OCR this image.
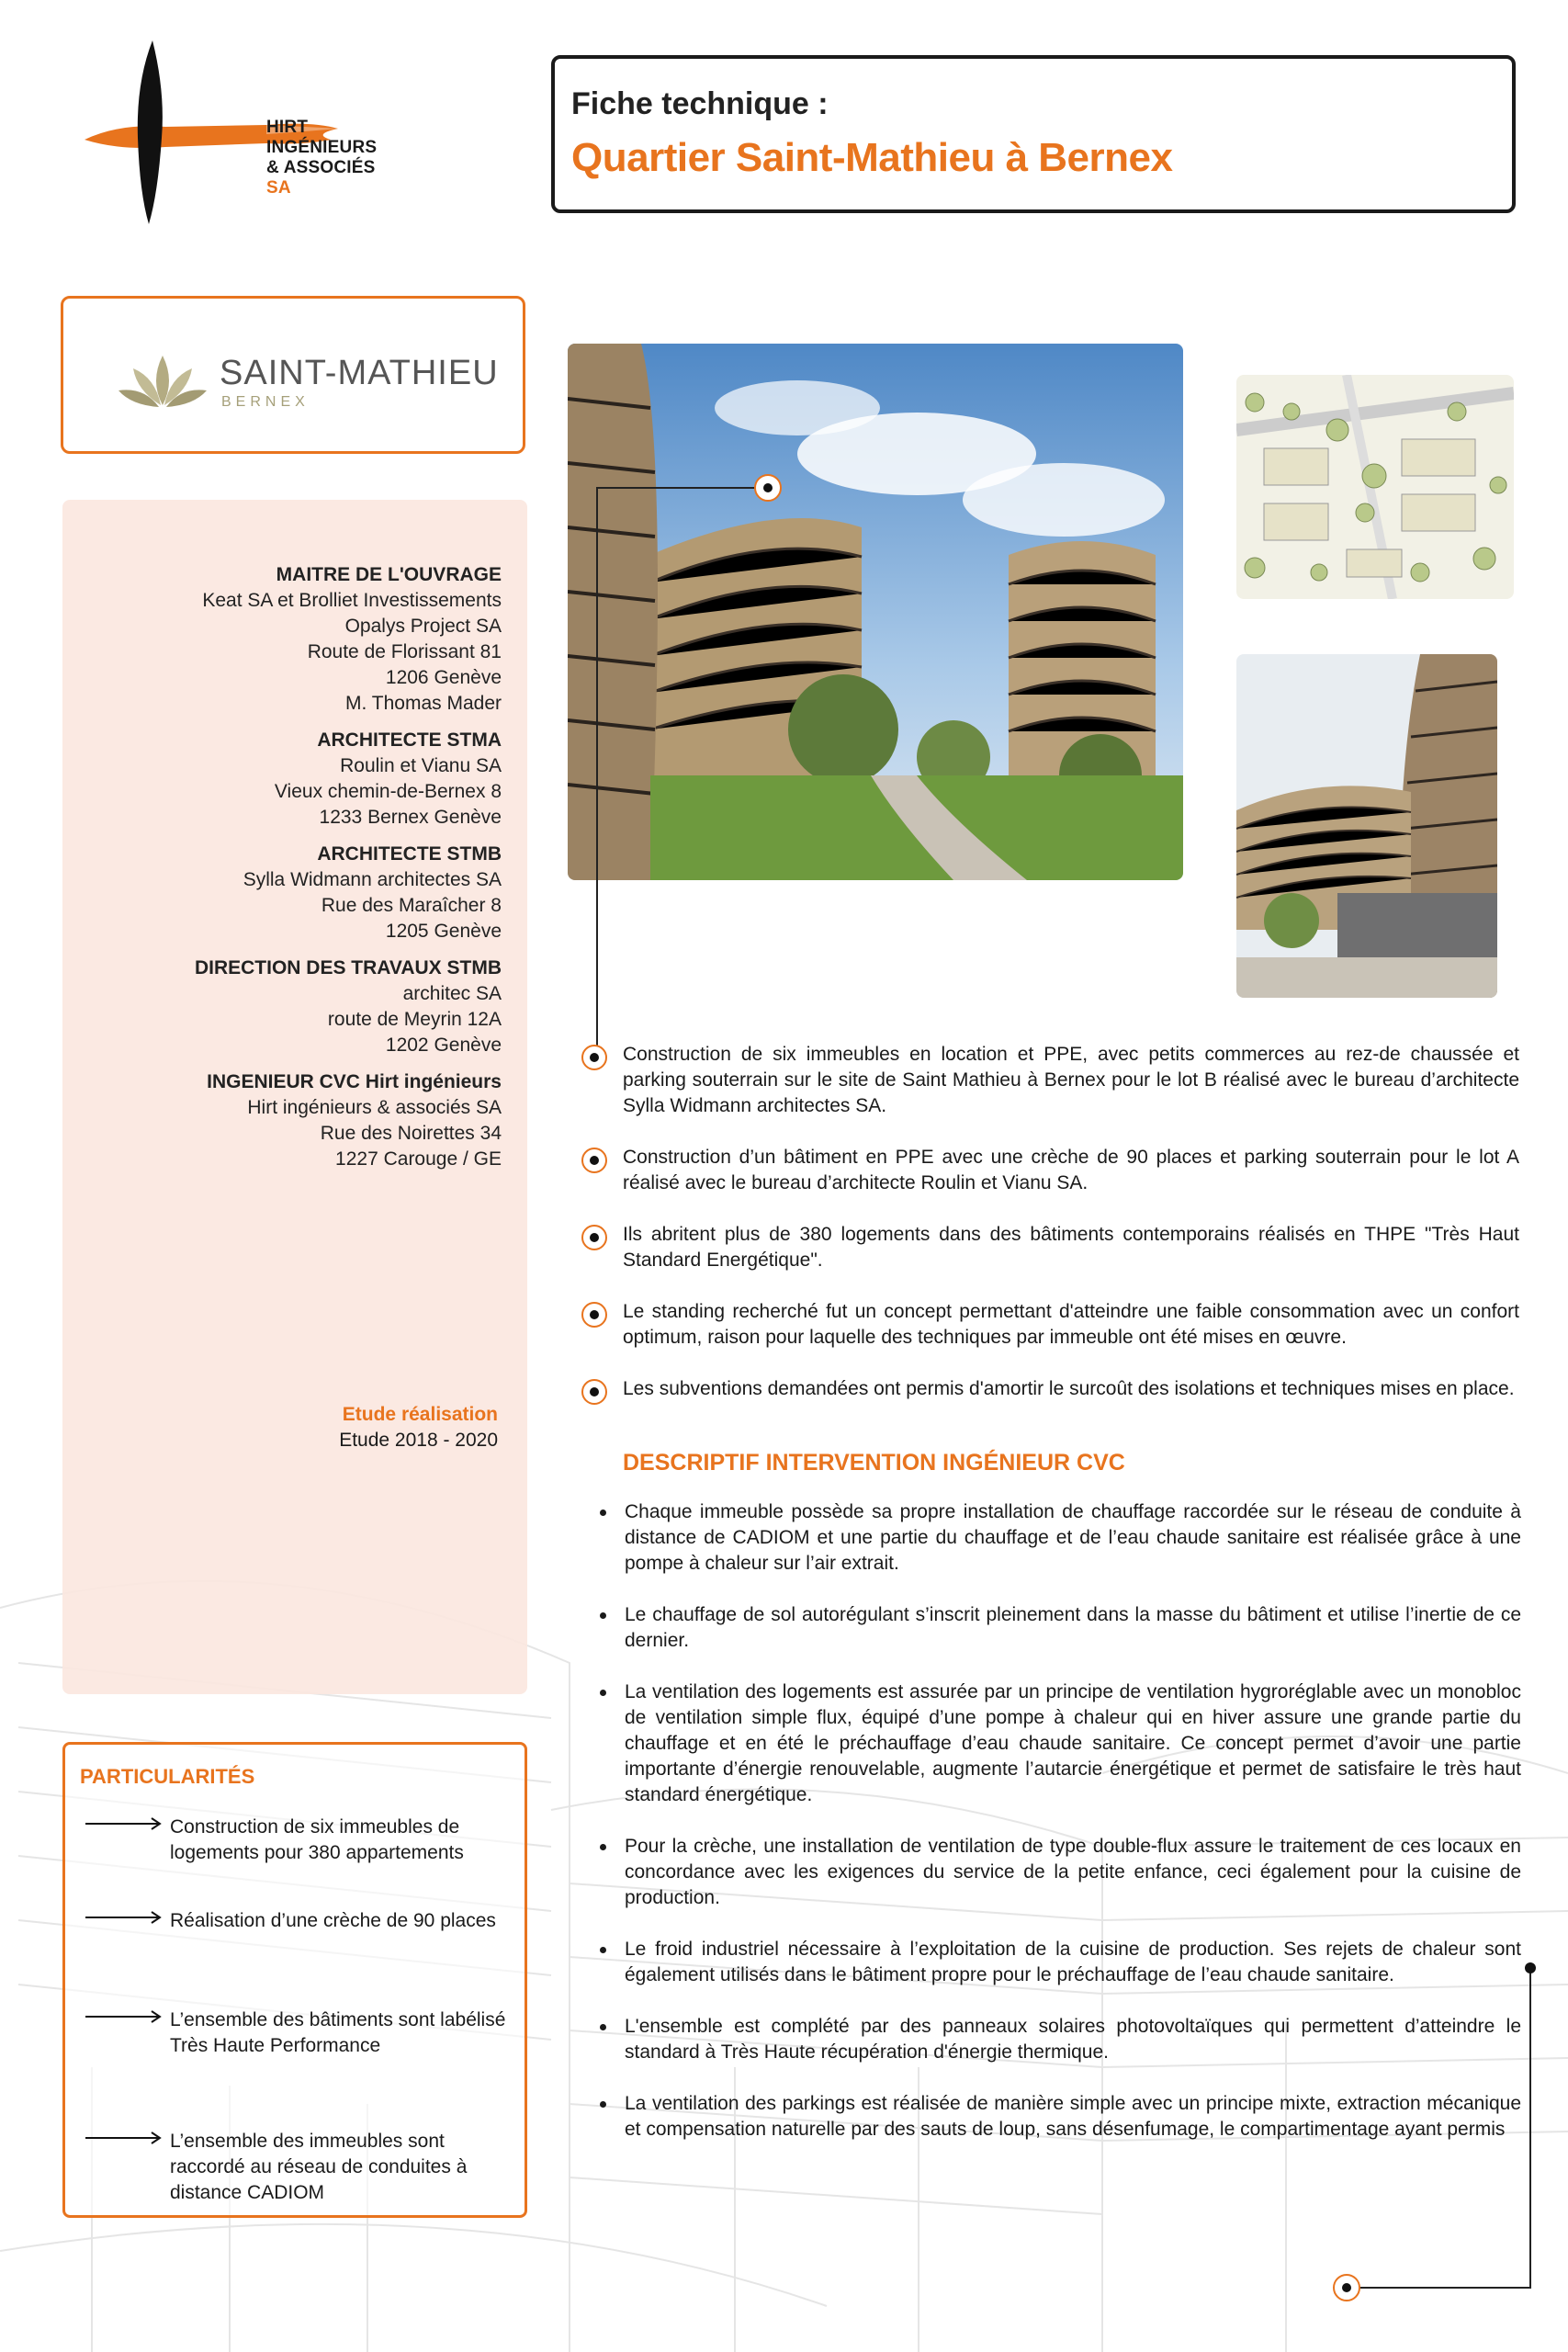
HIRT INGÉNIEURS
& ASSOCIÉS SA
Fiche technique :
Quartier Saint-Mathieu à Bernex
SAINT-MATHIEU
BERNEX
MAITRE DE L'OUVRAGE
Keat SA et Brolliet Investissements
Opalys Project SA
Route de Florissant 81
1206 Genève
M. Thomas Mader
ARCHITECTE STMA
Roulin et Vianu SA
Vieux chemin-de-Bernex 8
1233 Bernex Genève
ARCHITECTE STMB
Sylla Widmann architectes SA
Rue des Maraîcher 8
1205 Genève
DIRECTION DES TRAVAUX STMB
architec SA
route de Meyrin 12A
1202 Genève
INGENIEUR CVC Hirt ingénieurs
Hirt ingénieurs & associés SA
Rue des Noirettes 34
1227 Carouge / GE
Etude réalisation
Etude 2018 - 2020
PARTICULARITÉS
Construction de six immeubles de logements pour 380 appartements
Réalisation d’une crèche de 90 places
L’ensemble des bâtiments sont labélisé Très Haute Performance
L’ensemble des immeubles sont raccordé au réseau de conduites à distance CADIOM
Construction de six immeubles en location et PPE, avec petits commerces au rez-de chaussée et parking souterrain sur le site de Saint Mathieu à Bernex pour le lot B réalisé avec le bureau d’architecte Sylla Widmann architectes SA.
Construction d’un bâtiment en PPE avec une crèche de 90 places et parking souterrain pour le lot A réalisé avec le bureau d’architecte Roulin et Vianu SA.
Ils abritent plus de 380 logements dans des bâtiments contemporains réalisés en THPE "Très Haut Standard Energétique".
Le standing recherché fut un concept permettant d'atteindre une faible consommation avec un confort optimum, raison pour laquelle des techniques par immeuble ont été mises en œuvre.
Les subventions demandées ont permis d'amortir le surcoût des isolations et techniques mises en place.
DESCRIPTIF INTERVENTION INGÉNIEUR CVC
Chaque immeuble possède sa propre installation de chauffage raccordée sur le réseau de conduite à distance de CADIOM et une partie du chauffage et de l’eau chaude sanitaire est réalisée grâce à une pompe à chaleur sur l’air extrait.
Le chauffage de sol autorégulant s’inscrit pleinement dans la masse du bâtiment et utilise l’inertie de ce dernier.
La ventilation des logements est assurée par un principe de ventilation hygroréglable avec un monobloc de ventilation simple flux, équipé d’une pompe à chaleur qui en hiver assure une grande partie du chauffage et en été le préchauffage d’eau chaude sanitaire. Ce concept permet d’avoir une partie importante d’énergie renouvelable, augmente l’autarcie énergétique et permet de satisfaire le très haut standard énergétique.
Pour la crèche, une installation de ventilation de type double-flux assure le traitement de ces locaux en concordance avec les exigences du service de la petite enfance, ceci également pour la cuisine de production.
Le froid industriel nécessaire à l’exploitation de la cuisine de production. Ses rejets de chaleur sont également utilisés dans le bâtiment propre pour le préchauffage de l’eau chaude sanitaire.
L'ensemble est complété par des panneaux solaires photovoltaïques qui permettent d’atteindre le standard à Très Haute récupération d'énergie thermique.
La ventilation des parkings est réalisée de manière simple avec un principe mixte, extraction mécanique et compensation naturelle par des sauts de loup, sans désenfumage, le compartimentage ayant permis
